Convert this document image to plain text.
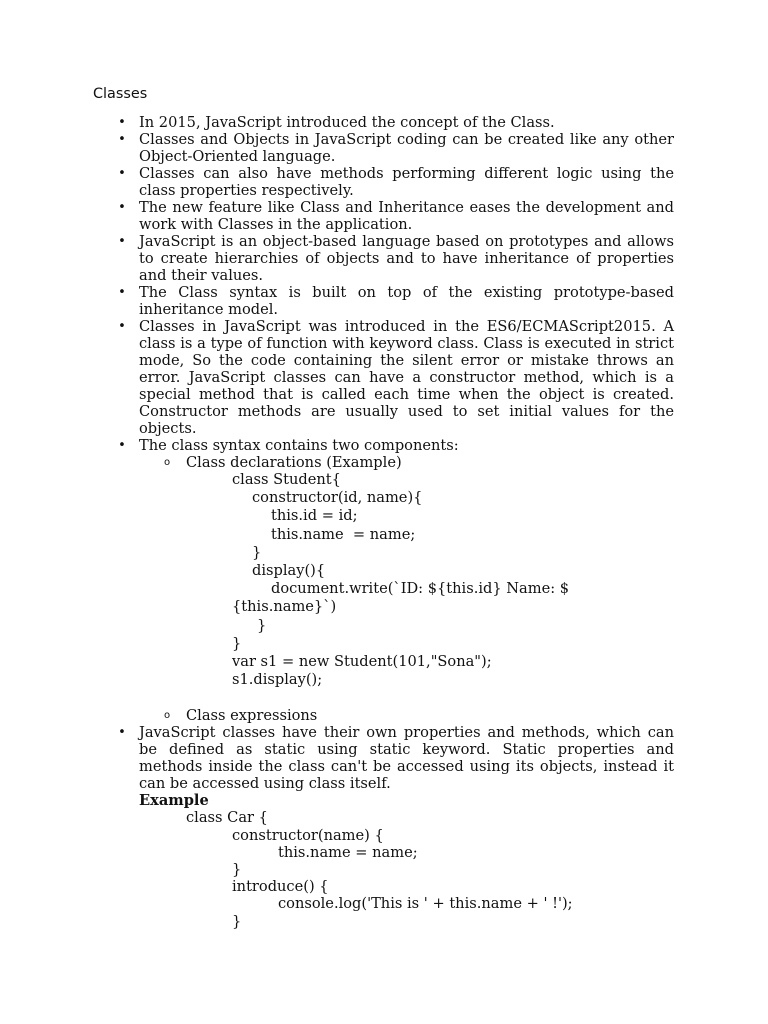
Classes
• In 2015, JavaScript introduced the concept of the Class.
• Classes and Objects in JavaScript coding can be created like any other Object-Oriented language.
• Classes can also have methods performing different logic using the class properties respectively.
• The new feature like Class and Inheritance eases the development and work with Classes in the application.
• JavaScript is an object-based language based on prototypes and allows to create hierarchies of objects and to have inheritance of properties and their values.
• The Class syntax is built on top of the existing prototype-based inheritance model.
• Classes in JavaScript was introduced in the ES6/ECMAScript2015. A class is a type of function with keyword class. Class is executed in strict mode, So the code containing the silent error or mistake throws an error. JavaScript classes can have a constructor method, which is a special method that is called each time when the object is created. Constructor methods are usually used to set initial values for the objects.
• The class syntax contains two components:
o Class declarations (Example)
class Student{
constructor(id, name){
this.id = id;
this.name  = name;
}
display(){
document.write(`ID: ${this.id} Name: $
{this.name}`)
}
}
var s1 = new Student(101,"Sona");
s1.display();
o Class expressions
• JavaScript classes have their own properties and methods, which can be defined as static using static keyword. Static properties and methods inside the class can't be accessed using its objects, instead it can be accessed using class itself.
Example
class Car {
constructor(name) {
this.name = name;
}
introduce() {
console.log('This is ' + this.name + ' !');
}
